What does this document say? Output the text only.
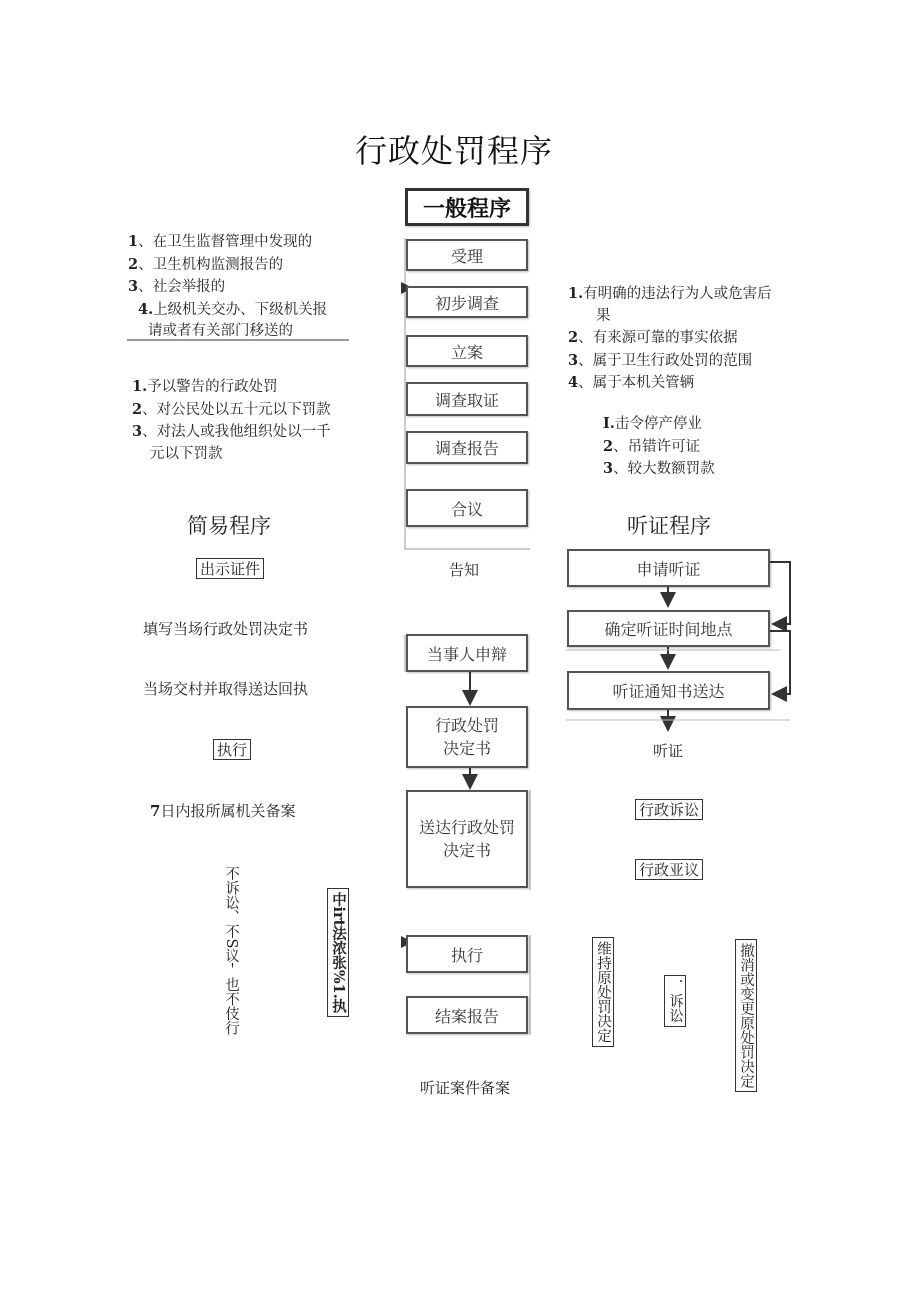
行政处罚程序
一般程序
受理
初步调查
立案
调查取证
调查报告
合议
告知
当事人申辩
行政处罚
决定书
送达行政处罚
决定书
执行
结案报告
听证案件备案
1、在卫生监督管理中发现的
2、卫生机构监测报告的
3、社会举报的
4.上级机关交办、下级机关报
请或者有关部门移送的
1.有明确的违法行为人或危害后
果
2、有来源可靠的事实依据
3、属于卫生行政处罚的范围
4、属于本机关管辆
1.予以警告的行政处罚
2、对公民处以五十元以下罚款
3、对法人或我他组织处以一千
元以下罚款
I.击令停产停业
2、吊错许可证
3、较大数额罚款
简易程序
出示证件
填写当场行政处罚决定书
当场交村并取得送达回执
执行
7日内报所属机关备案
听证程序
申请听证
确定听证时间地点
听证通知书送达
听证
行政诉讼
行政亚议
不诉讼、不S议＇也不伎行	中irt法浓张%1.执	维持原处罚决定	．诉讼	撤消或变更原处罚决定
